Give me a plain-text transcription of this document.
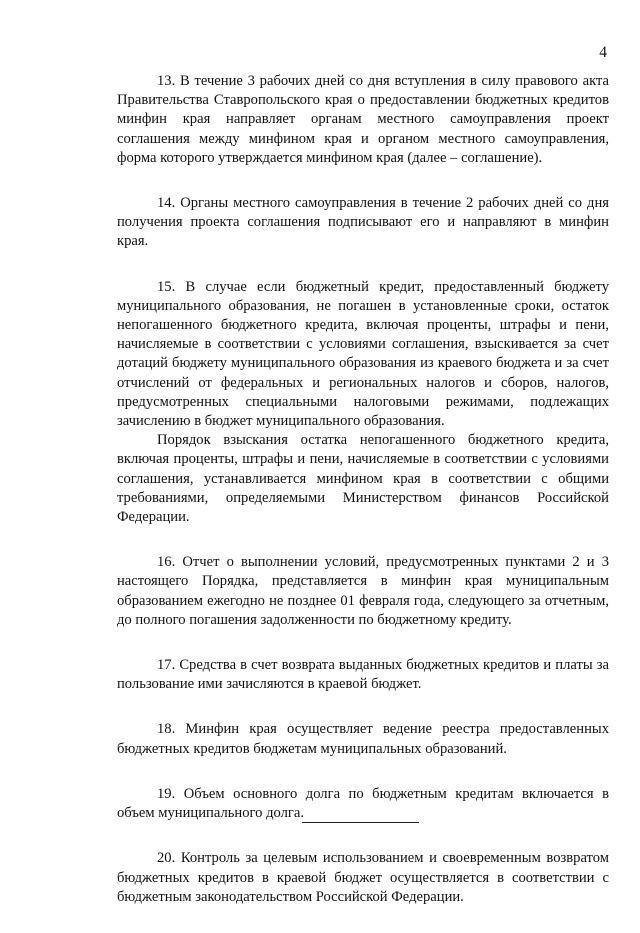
4

13. В течение 3 рабочих дней со дня вступления в силу правового акта Правительства Ставропольского края о предоставлении бюджетных кредитов минфин края направляет органам местного самоуправления проект соглашения между минфином края и органом местного самоуправления, форма которого утверждается минфином края (далее – соглашение).

14. Органы местного самоуправления в течение 2 рабочих дней со дня получения проекта соглашения подписывают его и направляют в минфин края.

15. В случае если бюджетный кредит, предоставленный бюджету муниципального образования, не погашен в установленные сроки, остаток непогашенного бюджетного кредита, включая проценты, штрафы и пени, начисляемые в соответствии с условиями соглашения, взыскивается за счет дотаций бюджету муниципального образования из краевого бюджета и за счет отчислений от федеральных и региональных налогов и сборов, налогов, предусмотренных специальными налоговыми режимами, подлежащих зачислению в бюджет муниципального образования.

Порядок взыскания остатка непогашенного бюджетного кредита, включая проценты, штрафы и пени, начисляемые в соответствии с условиями соглашения, устанавливается минфином края в соответствии с общими требованиями, определяемыми Министерством финансов Российской Федерации.

16. Отчет о выполнении условий, предусмотренных пунктами 2 и 3 настоящего Порядка, представляется в минфин края муниципальным образованием ежегодно не позднее 01 февраля года, следующего за отчетным, до полного погашения задолженности по бюджетному кредиту.

17. Средства в счет возврата выданных бюджетных кредитов и платы за пользование ими зачисляются в краевой бюджет.

18. Минфин края осуществляет ведение реестра предоставленных бюджетных кредитов бюджетам муниципальных образований.

19. Объем основного долга по бюджетным кредитам включается в объем муниципального долга.

20. Контроль за целевым использованием и своевременным возвратом бюджетных кредитов в краевой бюджет осуществляется в соответствии с бюджетным законодательством Российской Федерации.
